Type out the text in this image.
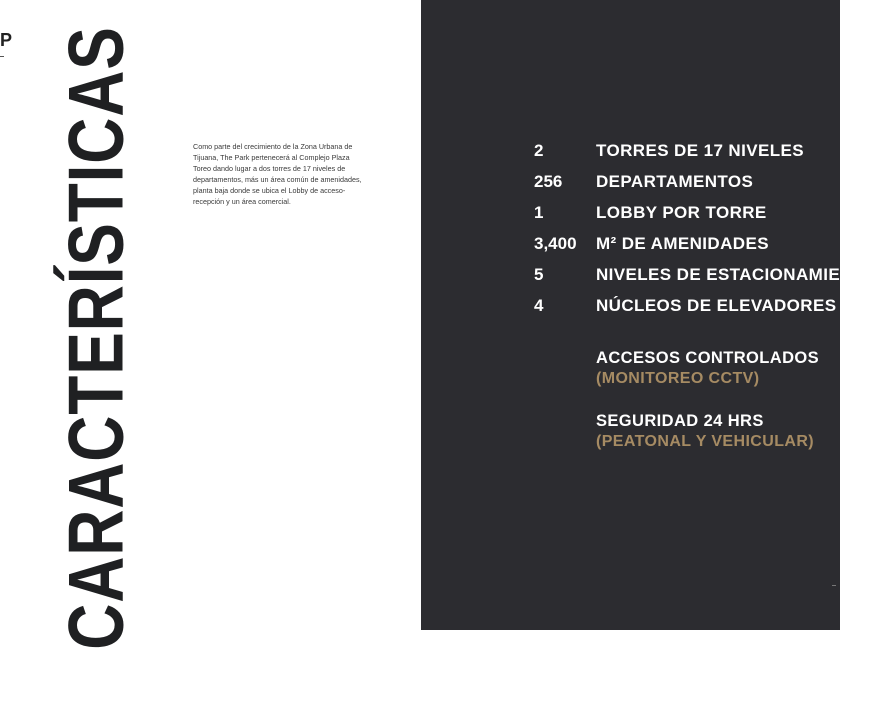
P CARACTERÍSTICAS	Como parte del crecimiento de la Zona Urbana de Tijuana, The Park pertenecerá al Complejo Plaza Toreo dando lugar a dos torres de 17 niveles de departamentos, más un área común de amenidades, planta baja donde se ubica el Lobby de acceso-recepción y un área comercial.
2	TORRES DE 17 NIVELES
256 DEPARTAMENTOS
1	LOBBY POR TORRE
3,400 M² DE AMENIDADES
5	NIVELES DE ESTACIONAMIENTO
4	NÚCLEOS DE ELEVADORES
ACCESOS CONTROLADOS
(MONITOREO CCTV)
SEGURIDAD 24 HRS
(PEATONAL Y VEHICULAR)
